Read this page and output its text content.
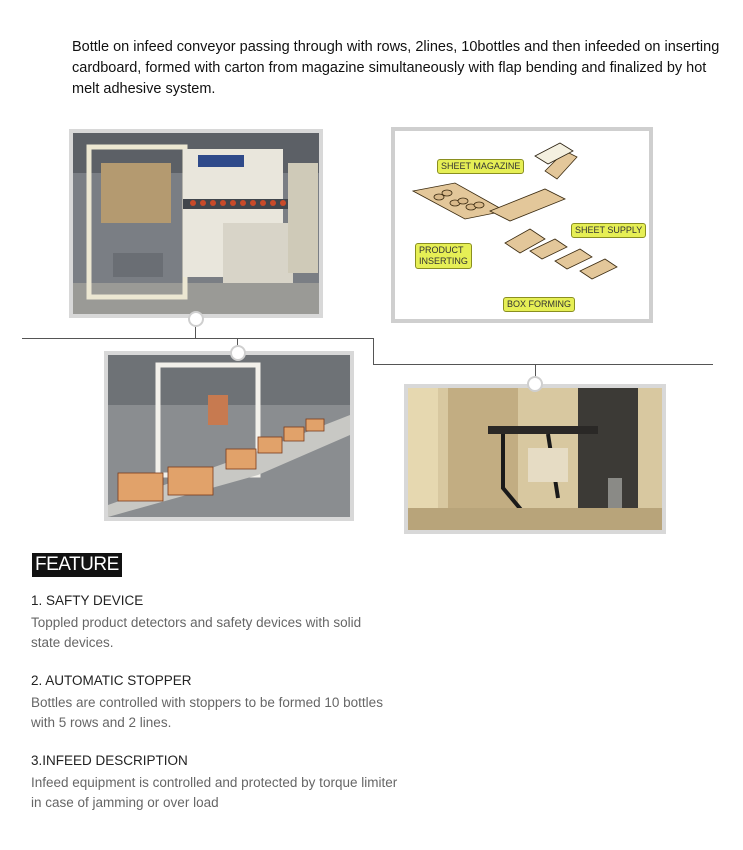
Bottle on infeed conveyor passing through with rows, 2lines, 10bottles and then infeeded on inserting cardboard, formed with carton from magazine simultaneously with flap bending and finalized by hot melt adhesive system.

SHEET MAGAZINE
SHEET SUPPLY
PRODUCT
INSERTING
BOX FORMING
FEATURE
1. SAFTY DEVICE
Toppled product detectors and safety devices with solid
state devices.
2. AUTOMATIC STOPPER
Bottles are controlled with stoppers to be formed 10 bottles
with 5 rows and 2 lines.
3.INFEED DESCRIPTION
Infeed equipment is controlled and protected by torque limiter
in case of jamming or over load
